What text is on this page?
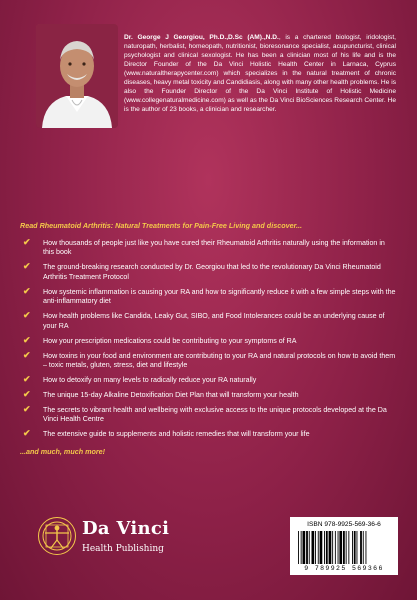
Dr. George J Georgiou, Ph.D.,D.Sc (AM).,N.D., is a chartered biologist, iridologist, naturopath, herbalist, homeopath, nutritionist, bioresonance specialist, acupuncturist, clinical psychologist and clinical sexologist. He has been a clinician most of his life and is the Director Founder of the Da Vinci Holistic Health Center in Larnaca, Cyprus (www.naturaltherapycenter.com) which specializes in the natural treatment of chronic diseases, heavy metal toxicity and Candidiasis, along with many other health problems. He is also the Founder Director of the Da Vinci Institute of Holistic Medicine (www.collegenaturalmedicine.com) as well as the Da Vinci BioSciences Research Center. He is the author of 23 books, a clinician and researcher.

Read Rheumatoid Arthritis: Natural Treatments for Pain-Free Living and discover...

✔ How thousands of people just like you have cured their Rheumatoid Arthritis naturally using the information in this book
✔ The ground-breaking research conducted by Dr. Georgiou that led to the revolutionary Da Vinci Rheumatoid Arthritis Treatment Protocol
✔ How systemic inflammation is causing your RA and how to significantly reduce it with a few simple steps with the anti-inflammatory diet
✔ How health problems like Candida, Leaky Gut, SIBO, and Food Intolerances could be an underlying cause of your RA
✔ How your prescription medications could be contributing to your symptoms of RA
✔ How toxins in your food and environment are contributing to your RA and natural protocols on how to avoid them – toxic metals, gluten, stress, diet and lifestyle
✔ How to detoxify on many levels to radically reduce your RA naturally
✔ The unique 15-day Alkaline Detoxification Diet Plan that will transform your health
✔ The secrets to vibrant health and wellbeing with exclusive access to the unique protocols developed at the Da Vinci Health Centre
✔ The extensive guide to supplements and holistic remedies that will transform your life

...and much, much more!

Da Vinci
Health Publishing
ISBN 978-9925-569-36-6
9 789925 569366
